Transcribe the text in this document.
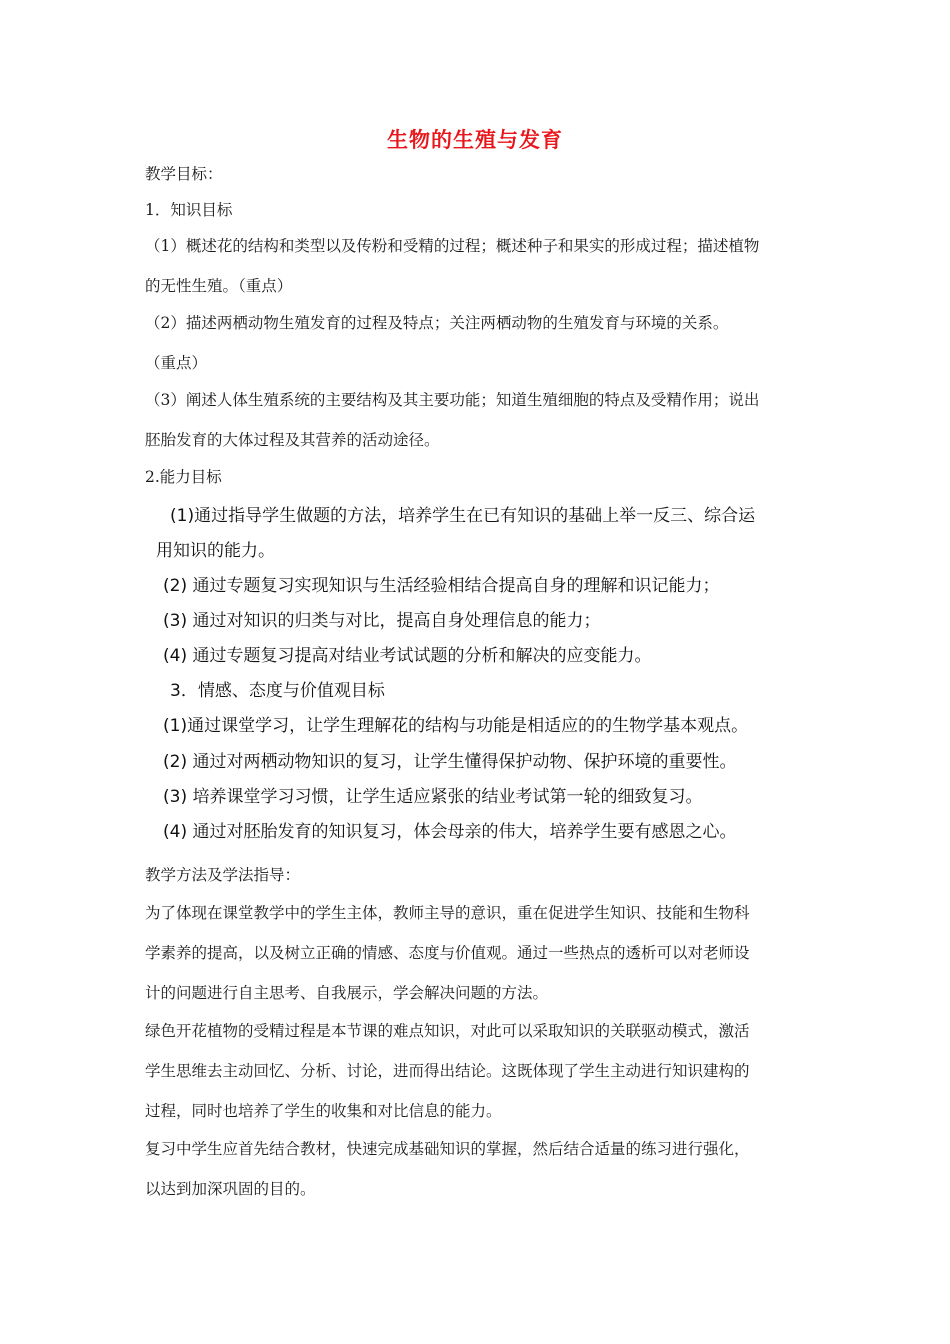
生物的生殖与发育
教学目标：
1．知识目标
（1）概述花的结构和类型以及传粉和受精的过程；概述种子和果实的形成过程；描述植物
的无性生殖。（重点）
（2）描述两栖动物生殖发育的过程及特点；关注两栖动物的生殖发育与环境的关系。
（重点）
（3）阐述人体生殖系统的主要结构及其主要功能；知道生殖细胞的特点及受精作用；说出
胚胎发育的大体过程及其营养的活动途径。
2.能力目标
(1)通过指导学生做题的方法，培养学生在已有知识的基础上举一反三、综合运
用知识的能力。
(2) 通过专题复习实现知识与生活经验相结合提高自身的理解和识记能力；
(3) 通过对知识的归类与对比，提高自身处理信息的能力；
(4) 通过专题复习提高对结业考试试题的分析和解决的应变能力。
3．情感、态度与价值观目标
(1)通过课堂学习，让学生理解花的结构与功能是相适应的的生物学基本观点。
(2) 通过对两栖动物知识的复习，让学生懂得保护动物、保护环境的重要性。
(3) 培养课堂学习习惯，让学生适应紧张的结业考试第一轮的细致复习。
(4) 通过对胚胎发育的知识复习，体会母亲的伟大，培养学生要有感恩之心。
教学方法及学法指导：
为了体现在课堂教学中的学生主体，教师主导的意识，重在促进学生知识、技能和生物科
学素养的提高，以及树立正确的情感、态度与价值观。通过一些热点的透析可以对老师设
计的问题进行自主思考、自我展示，学会解决问题的方法。
绿色开花植物的受精过程是本节课的难点知识，对此可以采取知识的关联驱动模式，激活
学生思维去主动回忆、分析、讨论，进而得出结论。这既体现了学生主动进行知识建构的
过程，同时也培养了学生的收集和对比信息的能力。
复习中学生应首先结合教材，快速完成基础知识的掌握，然后结合适量的练习进行强化，
以达到加深巩固的目的。
